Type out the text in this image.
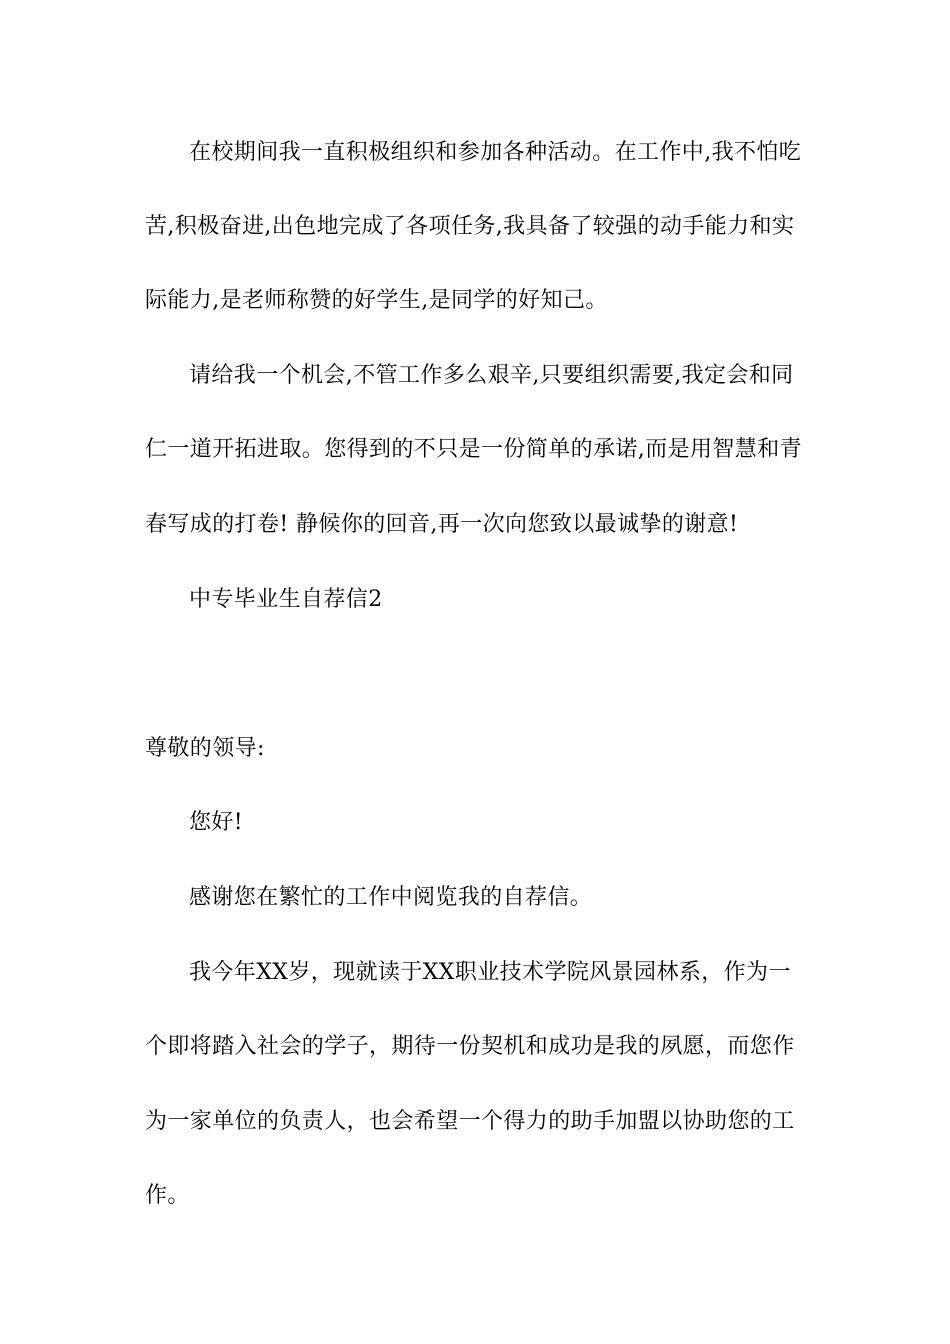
在校期间我一直积极组织和参加各种活动。在工作中,我不怕吃
苦,积极奋进,出色地完成了各项任务,我具备了较强的动手能力和实
际能力,是老师称赞的好学生,是同学的好知己。
请给我一个机会,不管工作多么艰辛,只要组织需要,我定会和同
仁一道开拓进取。您得到的不只是一份简单的承诺,而是用智慧和青
春写成的打卷! 静候你的回音,再一次向您致以最诚挚的谢意!
中专毕业生自荐信2
尊敬的领导:
您好!
感谢您在繁忙的工作中阅览我的自荐信。
我今年XX岁，现就读于XX职业技术学院风景园林系，作为一
个即将踏入社会的学子，期待一份契机和成功是我的夙愿，而您作
为一家单位的负责人，也会希望一个得力的助手加盟以协助您的工
作。
